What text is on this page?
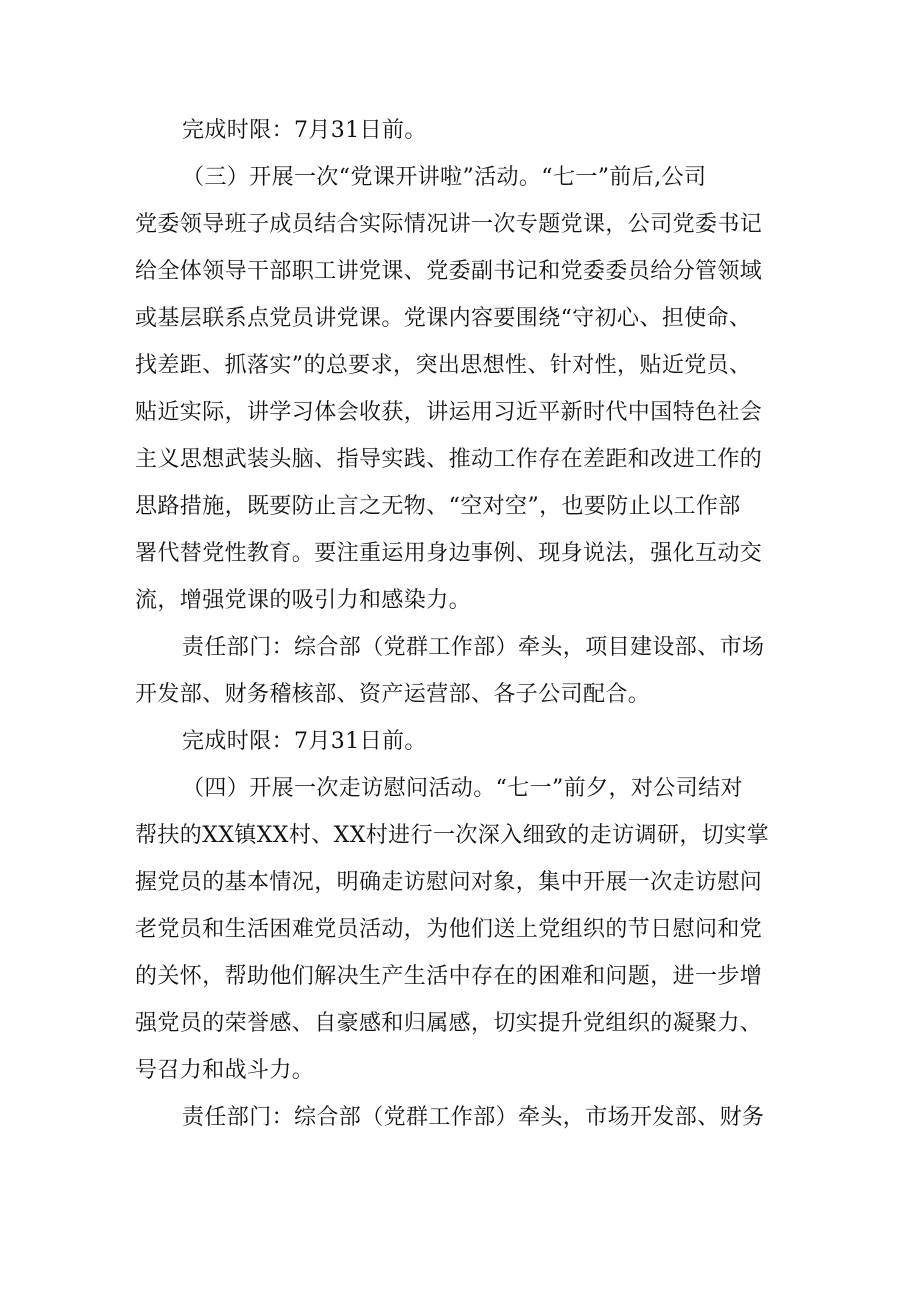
完成时限：7月31日前。

（三）开展一次“党课开讲啦”活动。“七一”前后,公司
党委领导班子成员结合实际情况讲一次专题党课，公司党委书记
给全体领导干部职工讲党课、党委副书记和党委委员给分管领域
或基层联系点党员讲党课。党课内容要围绕“守初心、担使命、
找差距、抓落实”的总要求，突出思想性、针对性，贴近党员、
贴近实际，讲学习体会收获，讲运用习近平新时代中国特色社会
主义思想武装头脑、指导实践、推动工作存在差距和改进工作的
思路措施，既要防止言之无物、“空对空”，也要防止以工作部
署代替党性教育。要注重运用身边事例、现身说法，强化互动交
流，增强党课的吸引力和感染力。

责任部门：综合部（党群工作部）牵头，项目建设部、市场
开发部、财务稽核部、资产运营部、各子公司配合。

完成时限：7月31日前。

（四）开展一次走访慰问活动。“七一”前夕，对公司结对
帮扶的XX镇XX村、XX村进行一次深入细致的走访调研，切实掌
握党员的基本情况，明确走访慰问对象，集中开展一次走访慰问
老党员和生活困难党员活动，为他们送上党组织的节日慰问和党
的关怀，帮助他们解决生产生活中存在的困难和问题，进一步增
强党员的荣誉感、自豪感和归属感，切实提升党组织的凝聚力、
号召力和战斗力。

责任部门：综合部（党群工作部）牵头，市场开发部、财务
